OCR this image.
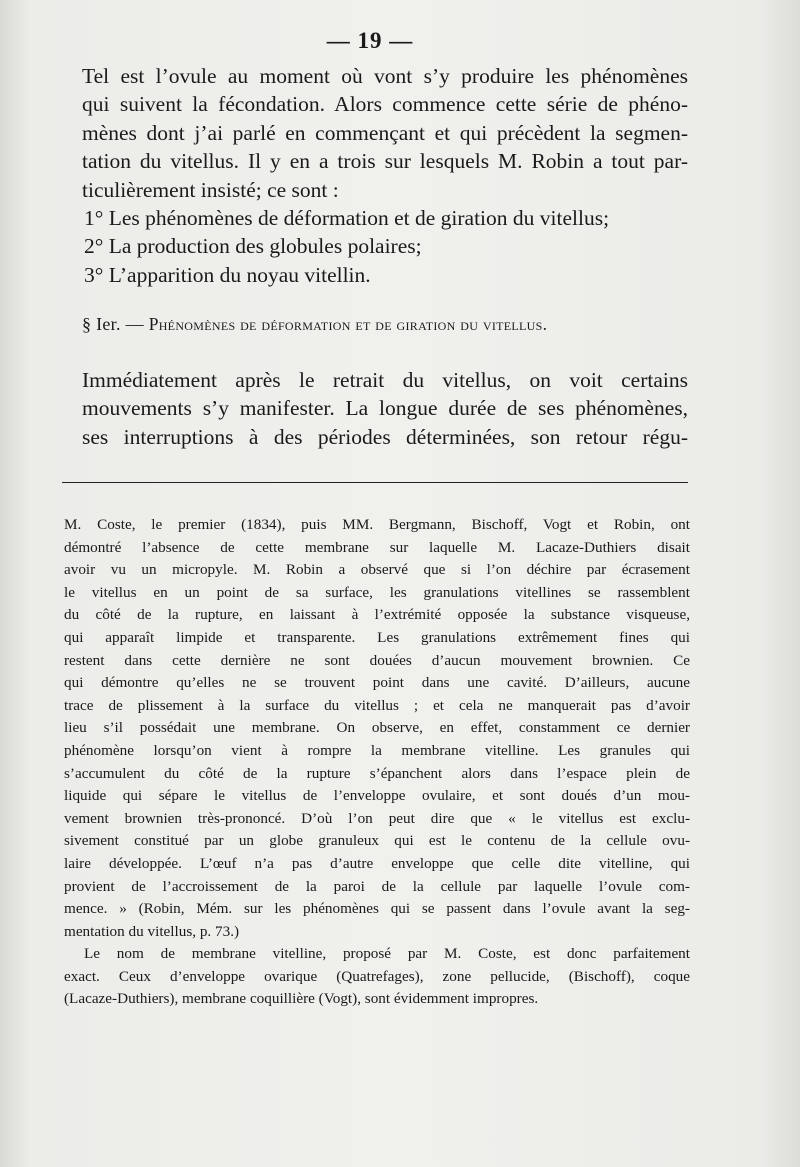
— 19 —
Tel est l’ovule au moment où vont s’y produire les phénomènes
qui suivent la fécondation. Alors commence cette série de phéno-
mènes dont j’ai parlé en commençant et qui précèdent la segmen-
tation du vitellus. Il y en a trois sur lesquels M. Robin a tout par-
ticulièrement insisté; ce sont :
1° Les phénomènes de déformation et de giration du vitellus;
2° La production des globules polaires;
3° L’apparition du noyau vitellin.
§ Ier. — Phénomènes de déformation et de giration du vitellus.
Immédiatement après le retrait du vitellus, on voit certains
mouvements s’y manifester. La longue durée de ses phénomènes,
ses interruptions à des périodes déterminées, son retour régu-
M. Coste, le premier (1834), puis MM. Bergmann, Bischoff, Vogt et Robin, ont
démontré l’absence de cette membrane sur laquelle M. Lacaze-Duthiers disait
avoir vu un micropyle. M. Robin a observé que si l’on déchire par écrasement
le vitellus en un point de sa surface, les granulations vitellines se rassemblent
du côté de la rupture, en laissant à l’extrémité opposée la substance visqueuse,
qui apparaît limpide et transparente. Les granulations extrêmement fines qui
restent dans cette dernière ne sont douées d’aucun mouvement brownien. Ce
qui démontre qu’elles ne se trouvent point dans une cavité. D’ailleurs, aucune
trace de plissement à la surface du vitellus ; et cela ne manquerait pas d’avoir
lieu s’il possédait une membrane. On observe, en effet, constamment ce dernier
phénomène lorsqu’on vient à rompre la membrane vitelline. Les granules qui
s’accumulent du côté de la rupture s’épanchent alors dans l’espace plein de
liquide qui sépare le vitellus de l’enveloppe ovulaire, et sont doués d’un mou-
vement brownien très-prononcé. D’où l’on peut dire que « le vitellus est exclu-
sivement constitué par un globe granuleux qui est le contenu de la cellule ovu-
laire développée. L’œuf n’a pas d’autre enveloppe que celle dite vitelline, qui
provient de l’accroissement de la paroi de la cellule par laquelle l’ovule com-
mence. » (Robin, Mém. sur les phénomènes qui se passent dans l’ovule avant la seg-
mentation du vitellus, p. 73.)
Le nom de membrane vitelline, proposé par M. Coste, est donc parfaitement
exact. Ceux d’enveloppe ovarique (Quatrefages), zone pellucide, (Bischoff), coque
(Lacaze-Duthiers), membrane coquillière (Vogt), sont évidemment impropres.
